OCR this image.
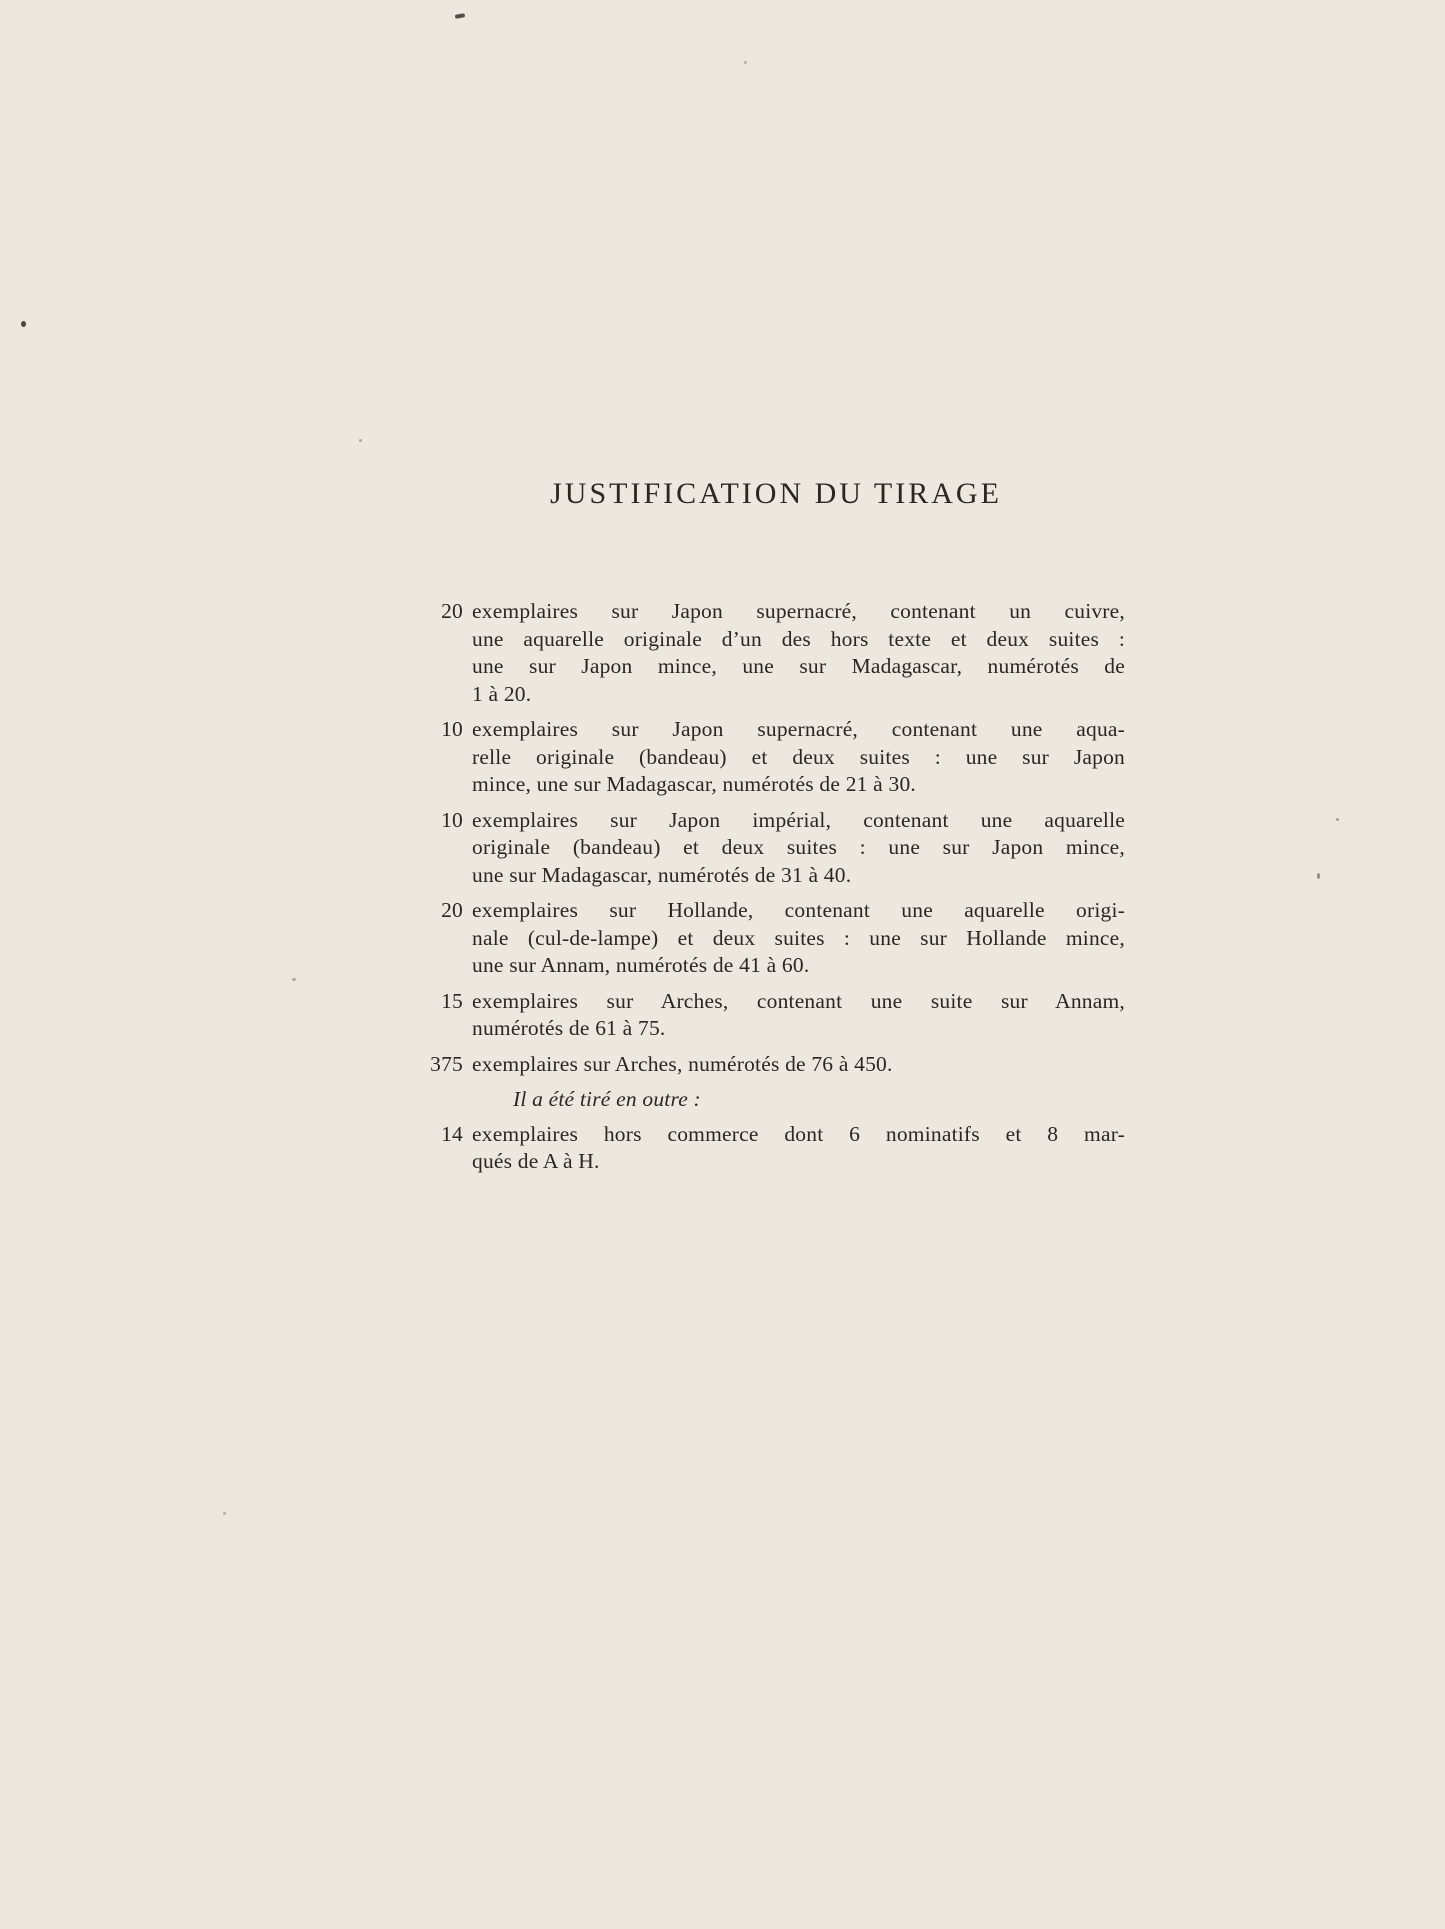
JUSTIFICATION DU TIRAGE
20 exemplaires sur Japon supernacré, contenant un cuivre,
une aquarelle originale d’un des hors texte et deux suites :
une sur Japon mince, une sur Madagascar, numérotés de
1 à 20.
10 exemplaires sur Japon supernacré, contenant une aqua-
relle originale (bandeau) et deux suites : une sur Japon
mince, une sur Madagascar, numérotés de 21 à 30.
10 exemplaires sur Japon impérial, contenant une aquarelle
originale (bandeau) et deux suites : une sur Japon mince,
une sur Madagascar, numérotés de 31 à 40.
20 exemplaires sur Hollande, contenant une aquarelle origi-
nale (cul-de-lampe) et deux suites : une sur Hollande mince,
une sur Annam, numérotés de 41 à 60.
15 exemplaires sur Arches, contenant une suite sur Annam,
numérotés de 61 à 75.
375 exemplaires sur Arches, numérotés de 76 à 450.
Il a été tiré en outre :
14 exemplaires hors commerce dont 6 nominatifs et 8 mar-
qués de A à H.
